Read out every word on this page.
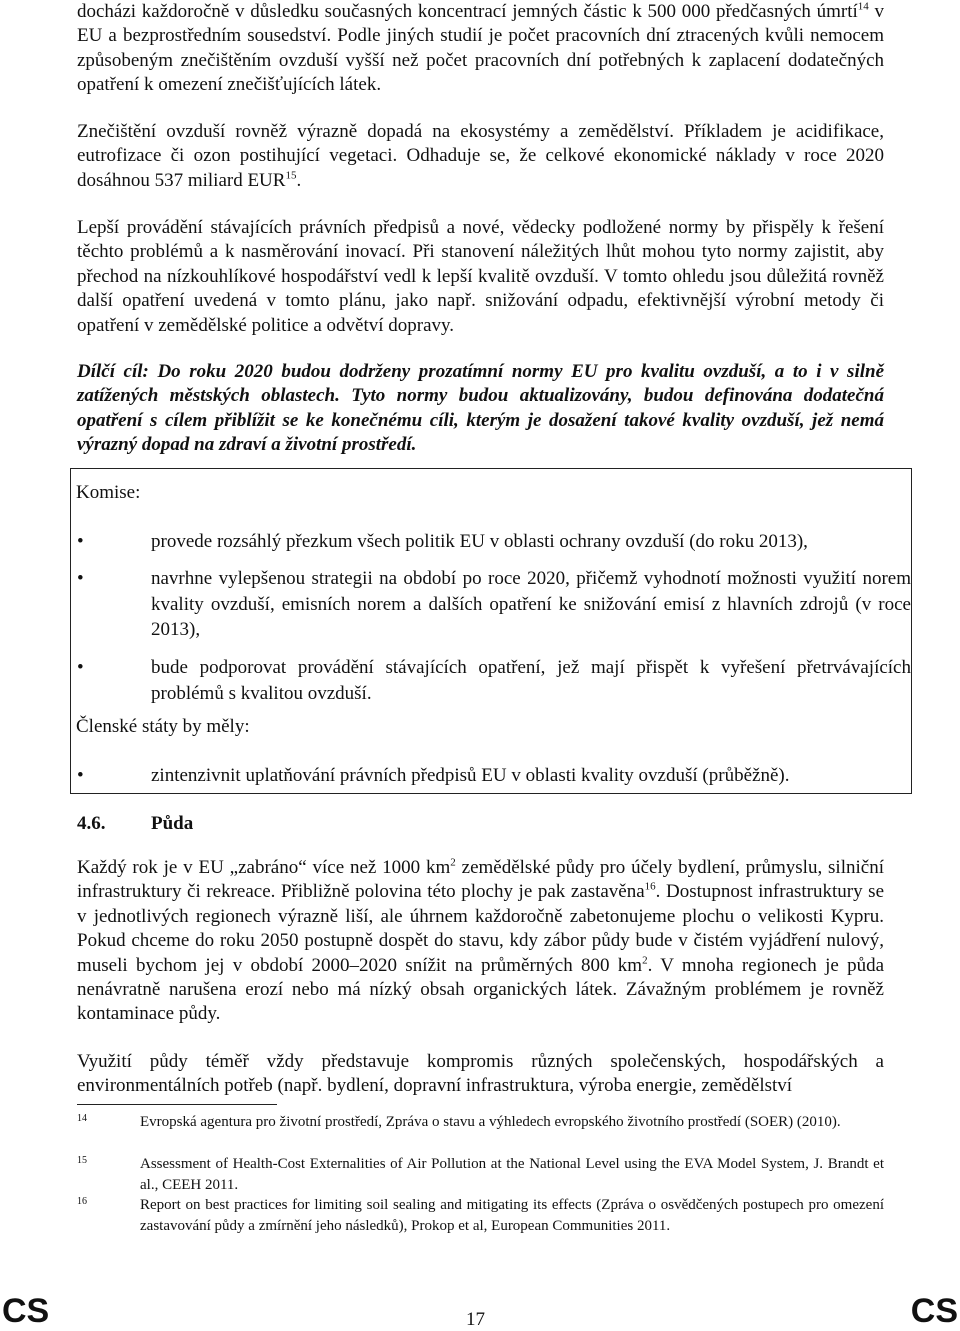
docházi každoročně v důsledku současných koncentrací jemných částic k 500 000 předčasných úmrtí$^{14}$ v EU a bezprostředním sousedství. Podle jiných studií je počet pracovních dní ztracených kvůli nemocem způsobeným znečištěním ovzduší vyšší než počet pracovních dní potřebných k zaplacení dodatečných opatření k omezení znečišťujících látek.

Znečištění ovzduší rovněž výrazně dopadá na ekosystémy a zemědělství. Příkladem je acidifikace, eutrofizace či ozon postihující vegetaci. Odhaduje se, že celkové ekonomické náklady v roce 2020 dosáhnou 537 miliard EUR$^{15}$.

Lepší provádění stávajících právních předpisů a nové, vědecky podložené normy by přispěly k řešení těchto problémů a k nasměrování inovací. Při stanovení náležitých lhůt mohou tyto normy zajistit, aby přechod na nízkouhlíkové hospodářství vedl k lepší kvalitě ovzduší. V tomto ohledu jsou důležitá rovněž další opatření uvedená v tomto plánu, jako např. snižování odpadu, efektivnější výrobní metody či opatření v zemědělské politice a odvětví dopravy.

Dílčí cíl: Do roku 2020 budou dodrženy prozatímní normy EU pro kvalitu ovzduší, a to i v silně zatížených městských oblastech. Tyto normy budou aktualizovány, budou definována dodatečná opatření s cílem přiblížit se ke konečnému cíli, kterým je dosažení takové kvality ovzduší, jež nemá výrazný dopad na zdraví a životní prostředí.

Komise:
•	provede rozsáhlý přezkum všech politik EU v oblasti ochrany ovzduší (do roku 2013),
•	navrhne vylepšenou strategii na období po roce 2020, přičemž vyhodnotí možnosti využití norem kvality ovzduší, emisních norem a dalších opatření ke snižování emisí z hlavních zdrojů (v roce 2013),
•	bude podporovat provádění stávajících opatření, jež mají přispět k vyřešení přetrvávajících problémů s kvalitou ovzduší.
Členské státy by měly:
•	zintenzivnit uplatňování právních předpisů EU v oblasti kvality ovzduší (průběžně).
4.6. Půda

Každý rok je v EU „zabráno“ více než 1000 $km^2$ zemědělské půdy pro účely bydlení, průmyslu, silniční infrastruktury či rekreace. Přibližně polovina této plochy je pak zastavěna$^{16}$. Dostupnost infrastruktury se v jednotlivých regionech výrazně liší, ale úhrnem každoročně zabetonujeme plochu o velikosti Kypru. Pokud chceme do roku 2050 postupně dospět do stavu, kdy zábor půdy bude v čistém vyjádření nulový, museli bychom jej v období 2000–2020 snížit na průměrných 800 $km^2$. V mnoha regionech je půda nenávratně narušena erozí nebo má nízký obsah organických látek. Závažným problémem je rovněž kontaminace půdy.

Využití půdy téměř vždy představuje kompromis různých společenských, hospodářských a environmentálních potřeb (např. bydlení, dopravní infrastruktura, výroba energie, zemědělství

14	Evropská agentura pro životní prostředí, Zpráva o stavu a výhledech evropského životního prostředí (SOER) (2010).
15	Assessment of Health-Cost Externalities of Air Pollution at the National Level using the EVA Model System, J. Brandt et al., CEEH 2011.
16	Report on best practices for limiting soil sealing and mitigating its effects (Zpráva o osvědčených postupech pro omezení zastavování půdy a zmírnění jeho následků), Prokop et al, European Communities 2011.
CS	17	CS
